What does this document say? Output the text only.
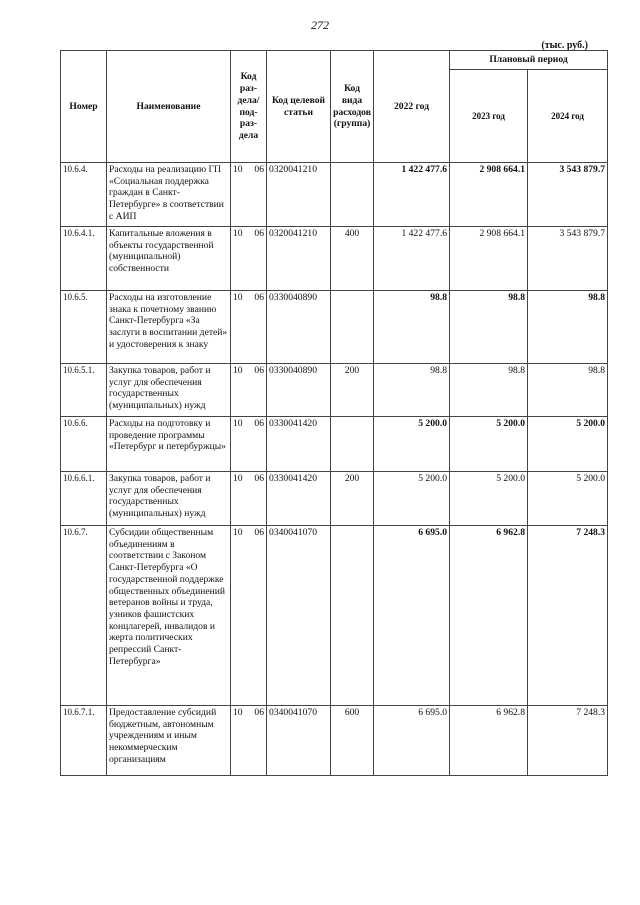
272
(тыс. руб.)
Номер	Наименование	Код раз-дела/ под-раз-дела		Код целевой статьи	Код вида расходов (группа)	2022 год	Плановый период	
							2023 год	2024 год
10.6.4.	Расходы на реализацию ГП «Социальная поддержка граждан в Санкт-Петербурге» в соответствии с АИП	10	06	0320041210		1 422 477.6	2 908 664.1	3 543 879.7
10.6.4.1.	Капитальные вложения в объекты государственной (муниципальной) собственности	10	06	0320041210	400	1 422 477.6	2 908 664.1	3 543 879.7
10.6.5.	Расходы на изготовление знака к почетному званию Санкт-Петербурга «За заслуги в воспитании детей» и удостоверения к знаку	10	06	0330040890		98.8	98.8	98.8
10.6.5.1.	Закупка товаров, работ и услуг для обеспечения государственных (муниципальных) нужд	10	06	0330040890	200	98.8	98.8	98.8
10.6.6.	Расходы на подготовку и проведение программы «Петербург и петербуржцы»	10	06	0330041420		5 200.0	5 200.0	5 200.0
10.6.6.1.	Закупка товаров, работ и услуг для обеспечения государственных (муниципальных) нужд	10	06	0330041420	200	5 200.0	5 200.0	5 200.0
10.6.7.	Субсидии общественным объединениям в соответствии с Законом Санкт-Петербурга «О государственной поддержке общественных объединений ветеранов войны и труда, узников фашистских концлагерей, инвалидов и жерта политических репрессий Санкт-Петербурга»	10	06	0340041070		6 695.0	6 962.8	7 248.3
10.6.7.1.	Предоставление субсидий бюджетным, автономным учреждениям и иным некоммерческим организациям	10	06	0340041070	600	6 695.0	6 962.8	7 248.3
